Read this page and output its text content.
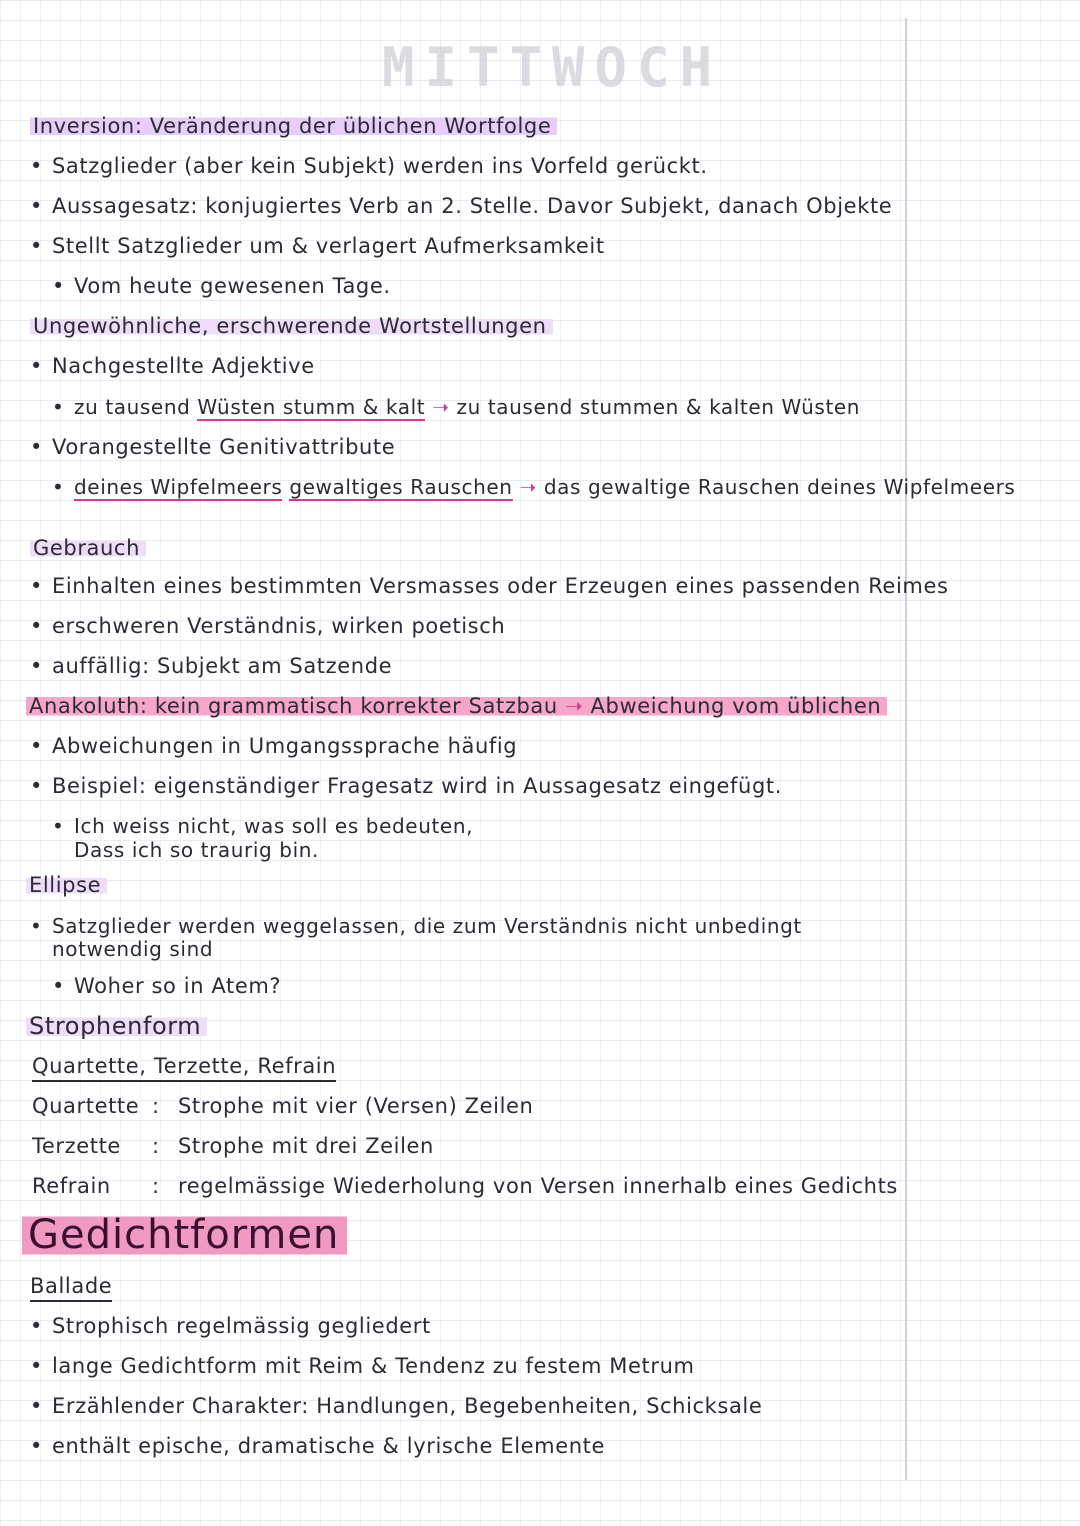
MITTWOCH
Inversion: Veränderung der üblichen Wortfolge
• Satzglieder (aber kein Subjekt) werden ins Vorfeld gerückt.
• Aussagesatz: konjugiertes Verb an 2. Stelle. Davor Subjekt, danach Objekte
• Stellt Satzglieder um & verlagert Aufmerksamkeit
• Vom heute gewesenen Tage.
Ungewöhnliche, erschwerende Wortstellungen
• Nachgestellte Adjektive
• zu tausend Wüsten stumm & kalt ➝ zu tausend stummen & kalten Wüsten
• Vorangestellte Genitivattribute
• deines Wipfelmeers gewaltiges Rauschen ➝ das gewaltige Rauschen deines Wipfelmeers
Gebrauch
• Einhalten eines bestimmten Versmasses oder Erzeugen eines passenden Reimes
• erschweren Verständnis, wirken poetisch
• auffällig: Subjekt am Satzende
Anakoluth: kein grammatisch korrekter Satzbau ➝ Abweichung vom üblichen
• Abweichungen in Umgangssprache häufig
• Beispiel: eigenständiger Fragesatz wird in Aussagesatz eingefügt.
• Ich weiss nicht, was soll es bedeuten,
Dass ich so traurig bin.
Ellipse
• Satzglieder werden weggelassen, die zum Verständnis nicht unbedingt
notwendig sind
• Woher so in Atem?
Strophenform
Quartette, Terzette, Refrain
Quartette : Strophe mit vier (Versen) Zeilen
Terzette : Strophe mit drei Zeilen
Refrain : regelmässige Wiederholung von Versen innerhalb eines Gedichts
Gedichtformen
Ballade
• Strophisch regelmässig gegliedert
• lange Gedichtform mit Reim & Tendenz zu festem Metrum
• Erzählender Charakter: Handlungen, Begebenheiten, Schicksale
• enthält epische, dramatische & lyrische Elemente
